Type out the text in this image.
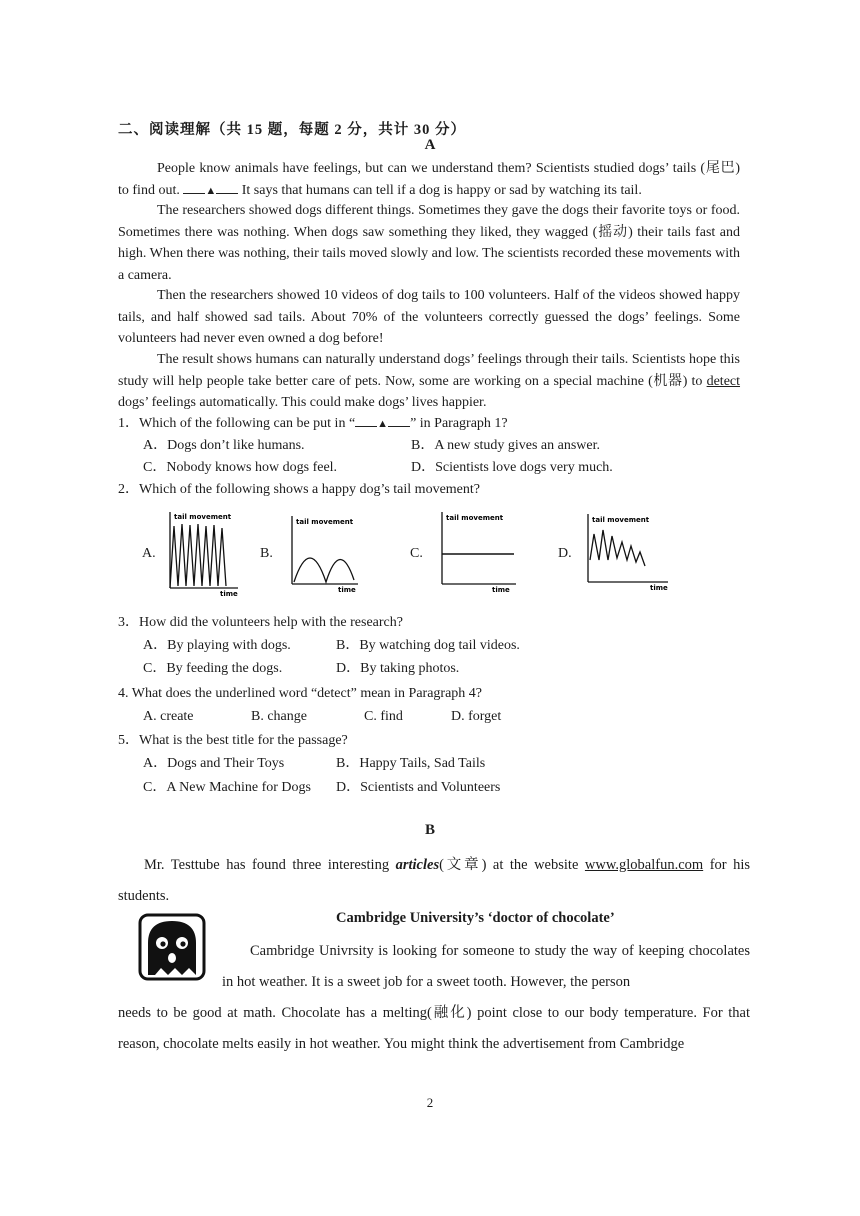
二、阅读理解（共 15 题，每题 2 分，共计 30 分）
A
People know animals have feelings, but can we understand them? Scientists studied dogs’ tails (尾巴) to find out. ▲ It says that humans can tell if a dog is happy or sad by watching its tail.
The researchers showed dogs different things. Sometimes they gave the dogs their favorite toys or food. Sometimes there was nothing. When dogs saw something they liked, they wagged (摇动) their tails fast and high. When there was nothing, their tails moved slowly and low. The scientists recorded these movements with a camera.
Then the researchers showed 10 videos of dog tails to 100 volunteers. Half of the videos showed happy tails, and half showed sad tails. About 70% of the volunteers correctly guessed the dogs’ feelings. Some volunteers had never even owned a dog before!
The result shows humans can naturally understand dogs’ feelings through their tails. Scientists hope this study will help people take better care of pets. Now, some are working on a special machine (机器) to detect dogs’ feelings automatically. This could make dogs’ lives happier.
1．Which of the following can be put in “ ▲ ” in Paragraph 1?
A．Dogs don’t like humans.	B．A new study gives an answer.
C．Nobody knows how dogs feel.	D．Scientists love dogs very much.
2．Which of the following shows a happy dog’s tail movement?
A.
tail movement
time
B.
tail movement
time
C.
tail movement
time
D.
tail movement
time
3．How did the volunteers help with the research?
A．By playing with dogs.	B．By watching dog tail videos.
C．By feeding the dogs.	D．By taking photos.
4. What does the underlined word “detect” mean in Paragraph 4?
A. create	B. change	C. find	D. forget
5．What is the best title for the passage?
A．Dogs and Their Toys	B．Happy Tails, Sad Tails
C．A New Machine for Dogs D．Scientists and Volunteers
B
Mr. Testtube has found three interesting articles(文章) at the website www.globalfun.com for his students.
Cambridge University’s ‘doctor of chocolate’
Cambridge Univrsity is looking for someone to study the way of keeping chocolates in hot weather. It is a sweet job for a sweet tooth. However, the person
needs to be good at math. Chocolate has a melting(融化) point close to our body temperature. For that reason, chocolate melts easily in hot weather. You might think the advertisement from Cambridge
2
